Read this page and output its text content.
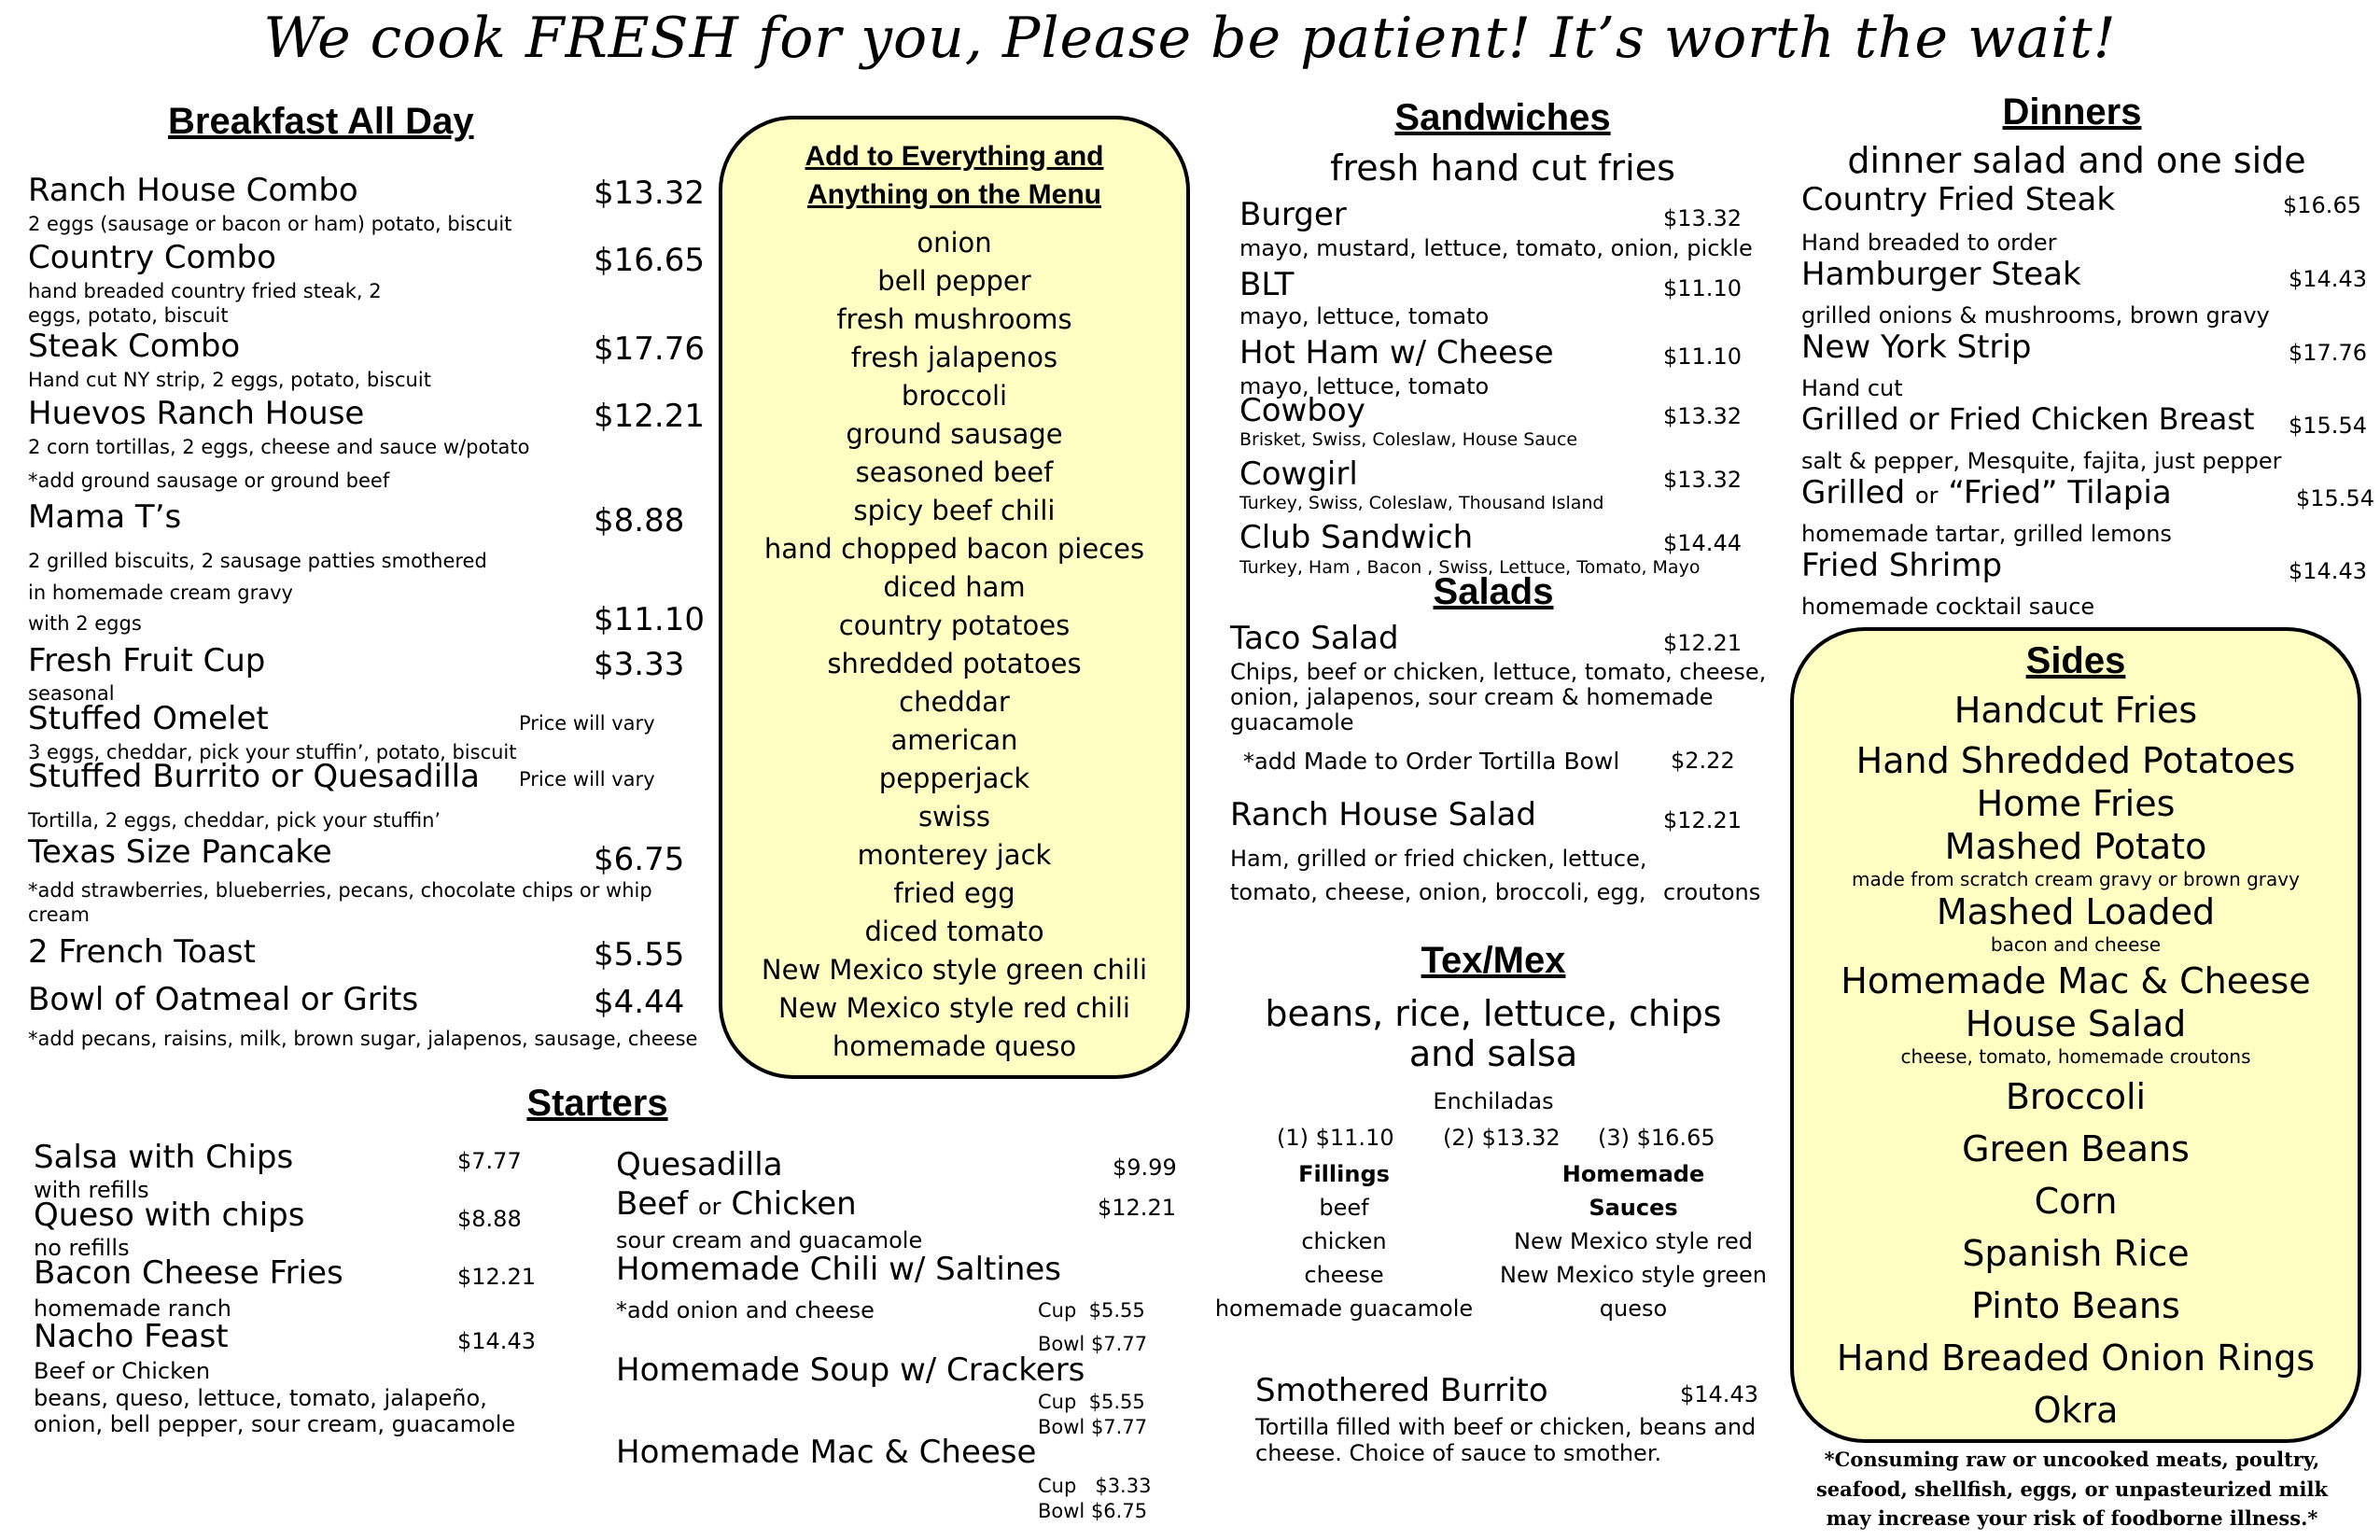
We cook FRESH for you, Please be patient! It’s worth the wait!
Breakfast All Day
Ranch House Combo	$13.32
2 eggs (sausage or bacon or ham) potato, biscuit
Country Combo	$16.65
hand breaded country fried steak, 2 eggs, potato, biscuit
Steak Combo	$17.76
Hand cut NY strip, 2 eggs, potato, biscuit
Huevos Ranch House	$12.21
2 corn tortillas, 2 eggs, cheese and sauce w/potato
*add ground sausage or ground beef
Mama T’s	$8.88
2 grilled biscuits, 2 sausage patties smothered
in homemade cream gravy
with 2 eggs	$11.10
Fresh Fruit Cup	$3.33
seasonal
Stuffed Omelet	Price will vary
3 eggs, cheddar, pick your stuffin’, potato, biscuit
Stuffed Burrito or Quesadilla Price will vary
Tortilla, 2 eggs, cheddar, pick your stuffin’
Texas Size Pancake	$6.75
*add strawberries, blueberries, pecans, chocolate chips or whip cream
2 French Toast	$5.55
Bowl of Oatmeal or Grits	$4.44
*add pecans, raisins, milk, brown sugar, jalapenos, sausage, cheese
Add to Everything and
Anything on the Menu
onion
bell pepper
fresh mushrooms
fresh jalapenos
broccoli
ground sausage
seasoned beef
spicy beef chili
hand chopped bacon pieces
diced ham
country potatoes
shredded potatoes
cheddar
american
pepperjack
swiss
monterey jack
fried egg
diced tomato
New Mexico style green chili
New Mexico style red chili
homemade queso
Starters
Salsa with Chips	$7.77
with refills
Queso with chips	$8.88
no refills
Bacon Cheese Fries	$12.21
homemade ranch
Nacho Feast	$14.43
Beef or Chicken
beans, queso, lettuce, tomato, jalapeño,
onion, bell pepper, sour cream, guacamole
Quesadilla	$9.99
Beef or Chicken	$12.21
sour cream and guacamole
Homemade Chili w/ Saltines
*add onion and cheese	Cup  $5.55
Bowl $7.77
Homemade Soup w/ Crackers
Cup  $5.55
Bowl $7.77
Homemade Mac & Cheese
Cup   $3.33
Bowl $6.75
Sandwiches
fresh hand cut fries
Burger	$13.32
mayo, mustard, lettuce, tomato, onion, pickle
BLT	$11.10
mayo, lettuce, tomato
Hot Ham w/ Cheese	$11.10
mayo, lettuce, tomato
Cowboy	$13.32
Brisket, Swiss, Coleslaw, House Sauce
Cowgirl	$13.32
Turkey, Swiss, Coleslaw, Thousand Island
Club Sandwich	$14.44
Turkey, Ham , Bacon , Swiss, Lettuce, Tomato, Mayo
Salads
Taco Salad	$12.21
Chips, beef or chicken, lettuce, tomato, cheese,
onion, jalapenos, sour cream & homemade
guacamole
*add Made to Order Tortilla Bowl $2.22
Ranch House Salad	$12.21
Ham, grilled or fried chicken, lettuce,
tomato, cheese, onion, broccoli, egg, croutons
Tex/Mex
beans, rice, lettuce, chips
and salsa
Enchiladas
(1) $11.10 (2) $13.32 (3) $16.65
Fillings
beef
chicken
cheese
homemade guacamole
Homemade
Sauces
New Mexico style red
New Mexico style green
queso
Smothered Burrito	$14.43
Tortilla filled with beef or chicken, beans and
cheese. Choice of sauce to smother.
Dinners
dinner salad and one side
Country Fried Steak	$16.65
Hand breaded to order
Hamburger Steak	$14.43
grilled onions & mushrooms, brown gravy
New York Strip	$17.76
Hand cut
Grilled or Fried Chicken Breast $15.54
salt & pepper, Mesquite, fajita, just pepper
Grilled or “Fried” Tilapia	$15.54
homemade tartar, grilled lemons
Fried Shrimp	$14.43
homemade cocktail sauce
Sides
Handcut Fries
Hand Shredded Potatoes
Home Fries
Mashed Potato
made from scratch cream gravy or brown gravy
Mashed Loaded
bacon and cheese
Homemade Mac & Cheese
House Salad
cheese, tomato, homemade croutons
Broccoli
Green Beans
Corn
Spanish Rice
Pinto Beans
Hand Breaded Onion Rings
Okra
*Consuming raw or uncooked meats, poultry,
seafood, shellfish, eggs, or unpasteurized milk
may increase your risk of foodborne illness.*
